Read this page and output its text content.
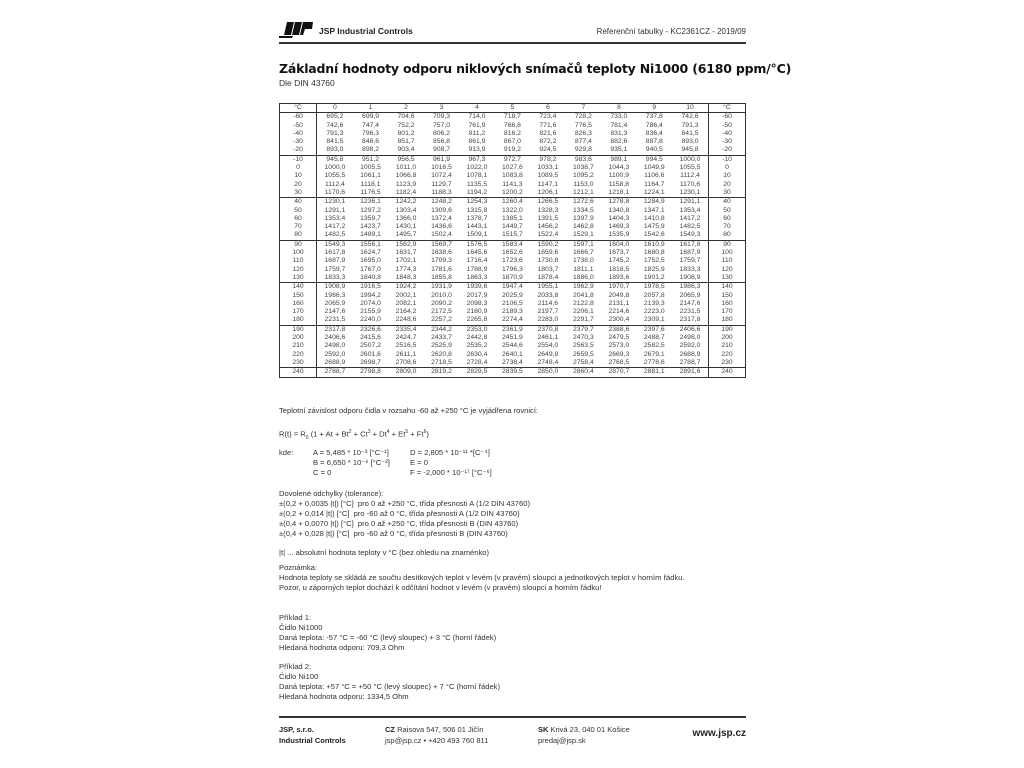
JSP Industrial Controls	Referenční tabulky - KC2361CZ - 2019/09
Základní hodnoty odporu niklových snímačů teploty Ni1000 (6180 ppm/°C)
Dle DIN 43760
°C	0	1	2	3	4	5	6	7	8	9	10	°C
-60	695,2	699,9	704,6	709,3	714,0	718,7	723,4	728,2	733,0	737,8	742,6	-60
-50	742,6	747,4	752,2	757,0	761,9	766,8	771,6	776,5	781,4	786,4	791,3	-50
-40	791,3	796,3	801,2	806,2	811,2	816,2	821,6	826,3	831,3	836,4	841,5	-40
-30	841,5	846,6	851,7	856,8	861,9	867,0	872,2	877,4	882,6	887,8	893,0	-30
-20	893,0	898,2	903,4	908,7	913,9	919,2	924,5	929,8	935,1	940,5	945,8	-20
-10	945,8	951,2	956,5	961,9	967,3	972,7	978,2	983,6	989,1	994,5	1000,0	-10
0	1000,0	1005,5	1011,0	1016,5	1022,0	1027,6	1033,1	1038,7	1044,3	1049,9	1055,5	0
10	1055,5	1061,1	1066,8	1072,4	1078,1	1083,8	1089,5	1095,2	1100,9	1106,6	1112,4	10
20	1112,4	1118,1	1123,9	1129,7	1135,5	1141,3	1147,1	1153,0	1158,8	1164,7	1170,6	20
30	1170,6	1176,5	1182,4	1188,3	1194,2	1200,2	1206,1	1212,1	1218,1	1224,1	1230,1	30
40	1230,1	1236,1	1242,2	1248,2	1254,3	1260,4	1266,5	1272,6	1278,8	1284,9	1291,1	40
50	1291,1	1297,2	1303,4	1309,6	1315,8	1322,0	1328,3	1334,5	1340,8	1347,1	1353,4	50
60	1353,4	1359,7	1366,0	1372,4	1378,7	1385,1	1391,5	1397,9	1404,3	1410,8	1417,2	60
70	1417,2	1423,7	1430,1	1436,6	1443,1	1449,7	1456,2	1462,8	1469,3	1475,9	1482,5	70
80	1482,5	1489,1	1495,7	1502,4	1509,1	1515,7	1522,4	1529,1	1535,9	1542,6	1549,3	80
90	1549,3	1556,1	1562,9	1569,7	1576,5	1583,4	1590,2	1597,1	1604,0	1610,9	1617,8	90
100	1617,8	1624,7	1631,7	1638,6	1645,6	1652,6	1659,6	1666,7	1673,7	1680,8	1687,9	100
110	1687,9	1695,0	1702,1	1709,3	1716,4	1723,6	1730,8	1738,0	1745,2	1752,5	1759,7	110
120	1759,7	1767,0	1774,3	1781,6	1788,9	1796,3	1803,7	1811,1	1818,5	1825,9	1833,3	120
130	1833,3	1840,8	1848,3	1855,8	1863,3	1870,9	1878,4	1886,0	1893,6	1901,2	1908,9	130
140	1908,9	1916,5	1924,2	1931,9	1939,6	1947,4	1955,1	1962,9	1970,7	1978,5	1986,3	140
150	1986,3	1994,2	2002,1	2010,0	2017,9	2025,9	2033,8	2041,8	2049,8	2057,8	2065,9	150
160	2065,9	2074,0	2082,1	2090,2	2098,3	2106,5	2114,6	2122,8	2131,1	2139,3	2147,6	160
170	2147,6	2155,9	2164,2	2172,5	2180,9	2189,3	2197,7	2206,1	2214,6	2223,0	2231,5	170
180	2231,5	2240,0	2248,6	2257,2	2265,8	2274,4	2283,0	2291,7	2300,4	2309,1	2317,8	180
190	2317,8	2326,6	2335,4	2344,2	2353,0	2361,9	2370,8	2379,7	2388,6	2397,6	2406,6	190
200	2406,6	2415,6	2424,7	2433,7	2442,8	2451,9	2461,1	2470,3	2479,5	2488,7	2498,0	200
210	2498,0	2507,2	2516,5	2525,9	2535,2	2544,6	2554,0	2563,5	2573,0	2582,5	2592,0	210
220	2592,0	2601,6	2611,1	2620,8	2630,4	2640,1	2649,8	2659,5	2669,3	2679,1	2688,9	220
230	2688,9	2698,7	2708,6	2718,5	2728,4	2738,4	2748,4	2758,4	2768,5	2778,6	2788,7	230
240	2788,7	2798,8	2809,0	2819,2	2829,5	2839,5	2850,0	2860,4	2870,7	2881,1	2891,6	240
Teplotní závislost odporu čidla v rozsahu -60 až +250 °C je vyjádřena rovnicí:
$R(t) = R_0$ $(1 + At + Bt^2 + Ct^3 + Dt^4 + Et^5 + Ft^6)$
kde:	A = 5,485 * 10⁻³ [°C⁻¹]
B = 6,650 * 10⁻⁶ [°C⁻²]
C = 0
D = 2,805 * 10⁻¹¹ *[C⁻⁴]
E = 0
F = -2,000 * 10⁻¹⁷ [°C⁻⁶]
Dovolené odchylky (tolerance):
±(0,2 + 0,0035 |t|) [°C]  pro 0 až +250 °C, třída přesnosti A (1/2 DIN 43760)
±(0,2 + 0,014 |t|) [°C]  pro -60 až 0 °C, třída přesnosti A (1/2 DIN 43760)
±(0,4 + 0,0070 |t|) [°C]  pro 0 až +250 °C, třída přesnosti B (DIN 43760)
±(0,4 + 0,028 |t|) [°C]  pro -60 až 0 °C, třída přesnosti B (DIN 43760)
|t| ... absolutní hodnota teploty v °C (bez ohledu na znaménko)
Poznámka:
Hodnota teploty se skládá ze součtu desítkových teplot v levém (v pravém) sloupci a jednotkových teplot v horním řádku.
Pozor, u záporných teplot dochází k odčítání hodnot v levém (v pravém) sloupci a horním řádku!
Příklad 1:
Čidlo Ni1000
Daná teplota: -57 °C = -60 °C (levý sloupec) + 3 °C (horní řádek)
Hledaná hodnota odporu: 709,3 Ohm
Příklad 2:
Čidlo Ni100
Daná teplota: +57 °C = +50 °C (levý sloupec) + 7 °C (horní řádek)
Hledaná hodnota odporu: 1334,5 Ohm
JSP, s.r.o.
Industrial Controls
CZ Raisova 547, 506 01 Jičín
jsp@jsp.cz • +420 493 760 811
SK Krivá 23, 040 01 Košice
predaj@jsp.sk
www.jsp.cz
